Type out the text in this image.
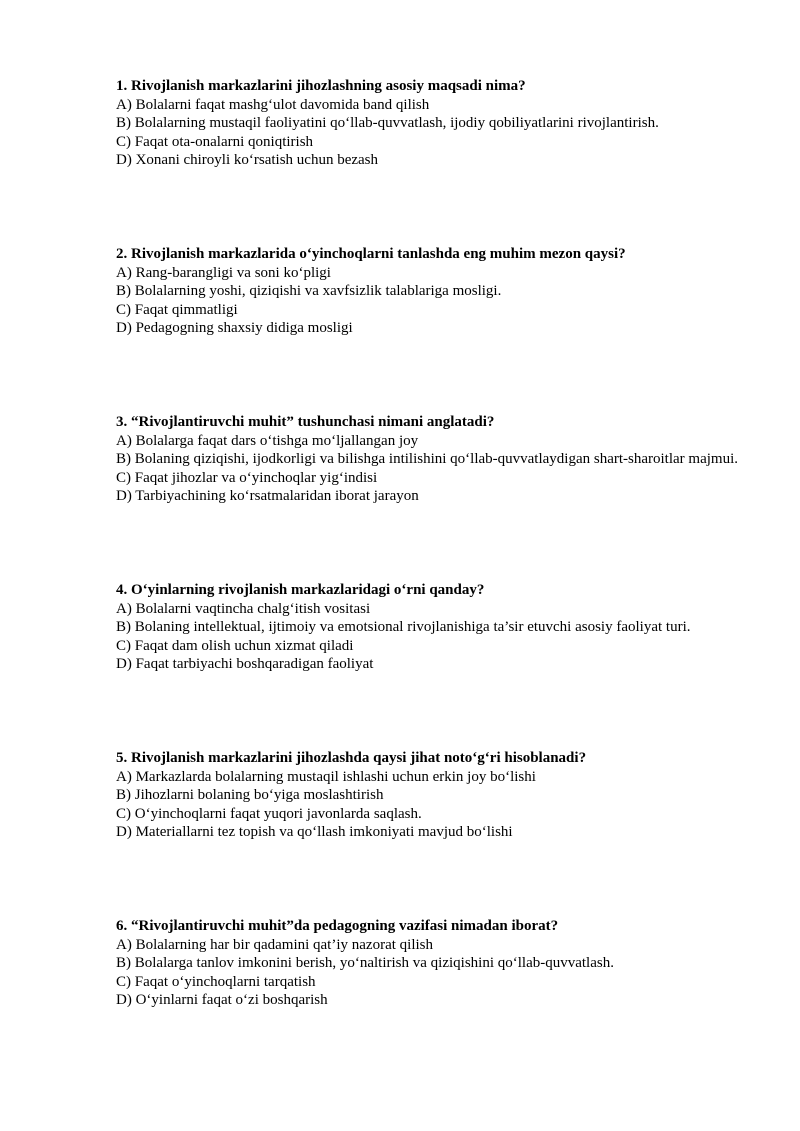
1. Rivojlanish markazlarini jihozlashning asosiy maqsadi nima?
A) Bolalarni faqat mashg‘ulot davomida band qilish
B) Bolalarning mustaqil faoliyatini qo‘llab-quvvatlash, ijodiy qobiliyatlarini rivojlantirish.
C) Faqat ota-onalarni qoniqtirish
D) Xonani chiroyli ko‘rsatish uchun bezash
2. Rivojlanish markazlarida o‘yinchoqlarni tanlashda eng muhim mezon qaysi?
A) Rang-barangligi va soni ko‘pligi
B) Bolalarning yoshi, qiziqishi va xavfsizlik talablariga mosligi.
C) Faqat qimmatligi
D) Pedagogning shaxsiy didiga mosligi
3. “Rivojlantiruvchi muhit” tushunchasi nimani anglatadi?
A) Bolalarga faqat dars o‘tishga mo‘ljallangan joy
B) Bolaning qiziqishi, ijodkorligi va bilishga intilishini qo‘llab-quvvatlaydigan shart-sharoitlar majmui.
C) Faqat jihozlar va o‘yinchoqlar yig‘indisi
D) Tarbiyachining ko‘rsatmalaridan iborat jarayon
4. O‘yinlarning rivojlanish markazlaridagi o‘rni qanday?
A) Bolalarni vaqtincha chalg‘itish vositasi
B) Bolaning intellektual, ijtimoiy va emotsional rivojlanishiga ta’sir etuvchi asosiy faoliyat turi.
C) Faqat dam olish uchun xizmat qiladi
D) Faqat tarbiyachi boshqaradigan faoliyat
5. Rivojlanish markazlarini jihozlashda qaysi jihat noto‘g‘ri hisoblanadi?
A) Markazlarda bolalarning mustaqil ishlashi uchun erkin joy bo‘lishi
B) Jihozlarni bolaning bo‘yiga moslashtirish
C) O‘yinchoqlarni faqat yuqori javonlarda saqlash.
D) Materiallarni tez topish va qo‘llash imkoniyati mavjud bo‘lishi
6. “Rivojlantiruvchi muhit”da pedagogning vazifasi nimadan iborat?
A) Bolalarning har bir qadamini qat’iy nazorat qilish
B) Bolalarga tanlov imkonini berish, yo‘naltirish va qiziqishini qo‘llab-quvvatlash.
C) Faqat o‘yinchoqlarni tarqatish
D) O‘yinlarni faqat o‘zi boshqarish
